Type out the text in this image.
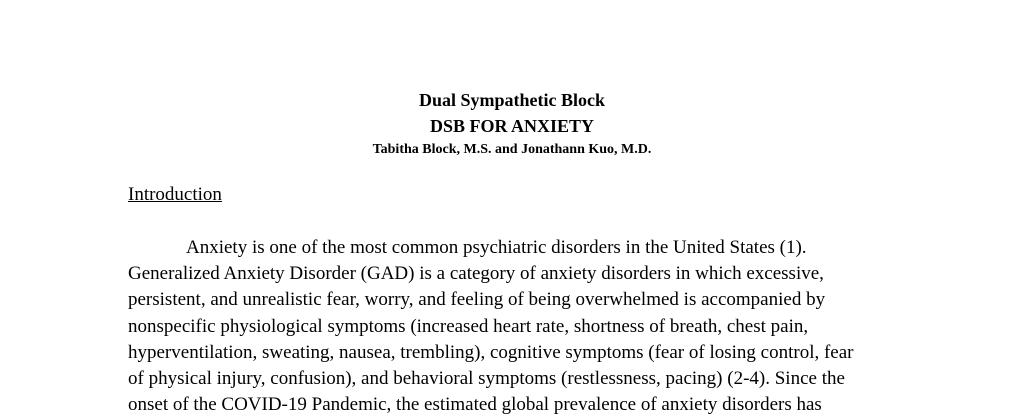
Dual Sympathetic Block
DSB FOR ANXIETY
Tabitha Block, M.S. and Jonathann Kuo, M.D.
Introduction
Anxiety is one of the most common psychiatric disorders in the United States (1).
Generalized Anxiety Disorder (GAD) is a category of anxiety disorders in which excessive,
persistent, and unrealistic fear, worry, and feeling of being overwhelmed is accompanied by
nonspecific physiological symptoms (increased heart rate, shortness of breath, chest pain,
hyperventilation, sweating, nausea, trembling), cognitive symptoms (fear of losing control, fear
of physical injury, confusion), and behavioral symptoms (restlessness, pacing) (2-4). Since the
onset of the COVID-19 Pandemic, the estimated global prevalence of anxiety disorders has
